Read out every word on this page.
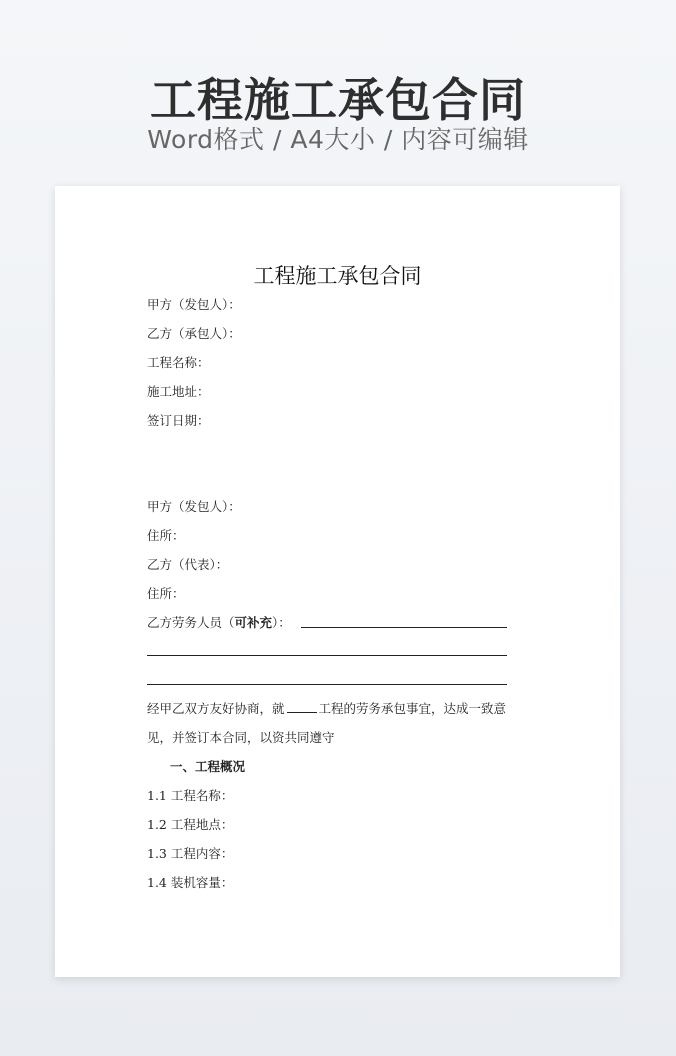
工程施工承包合同
Word格式 / A4大小 / 内容可编辑
工程施工承包合同
甲方（发包人）：
乙方（承包人）：
工程名称：
施工地址：
签订日期：
甲方（发包人）：
住所：
乙方（代表）：
住所：
乙方劳务人员（可补充）：
经甲乙双方友好协商，就	工程的劳务承包事宜，达成一致意
见，并签订本合同，以资共同遵守
一、工程概况
1.1 工程名称：
1.2 工程地点：
1.3 工程内容：
1.4 装机容量：
